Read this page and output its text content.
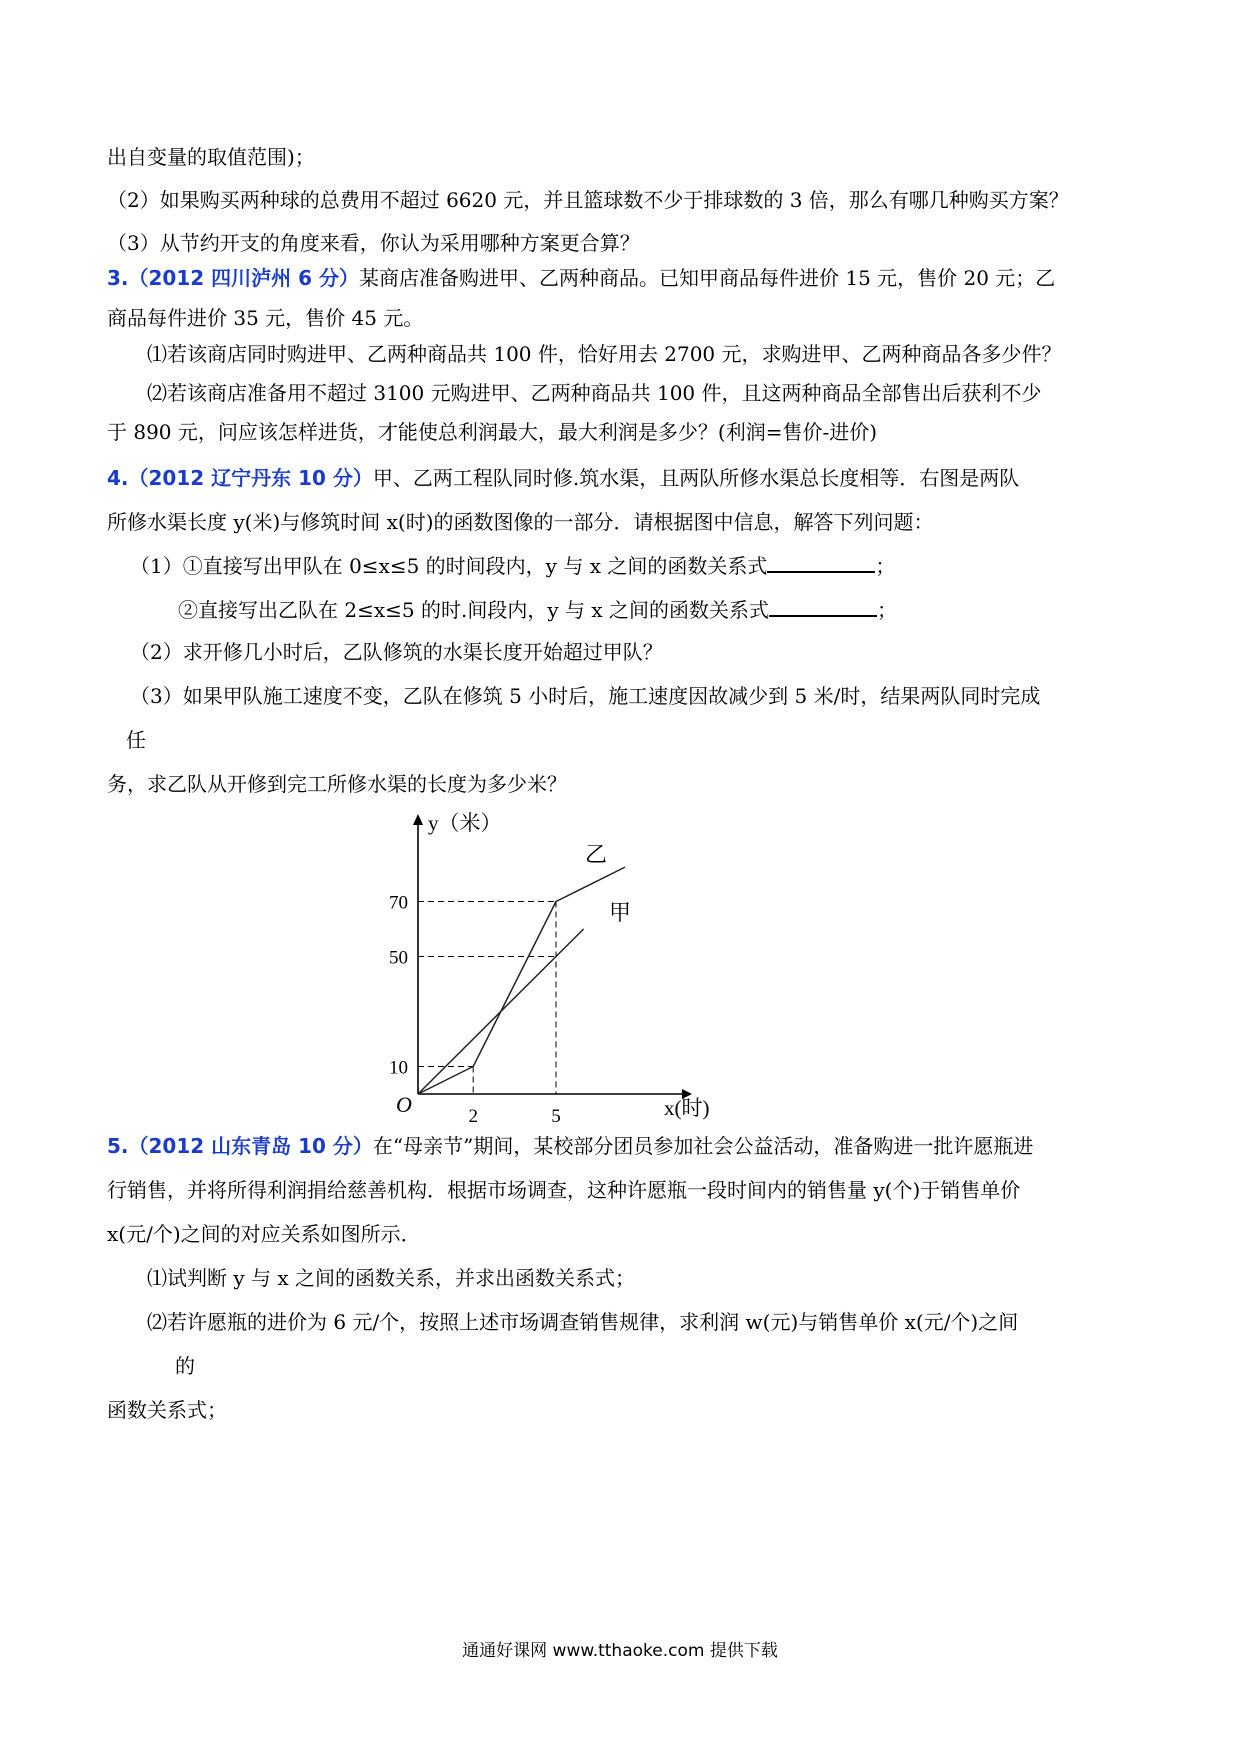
出自变量的取值范围)；
（2）如果购买两种球的总费用不超过 6620 元，并且篮球数不少于排球数的 3 倍，那么有哪几种购买方案？
（3）从节约开支的角度来看，你认为采用哪种方案更合算？
3.（2012 四川泸州 6 分）某商店准备购进甲、乙两种商品。已知甲商品每件进价 15 元，售价 20 元；乙
商品每件进价 35 元，售价 45 元。
⑴若该商店同时购进甲、乙两种商品共 100 件，恰好用去 2700 元，求购进甲、乙两种商品各多少件？
⑵若该商店准备用不超过 3100 元购进甲、乙两种商品共 100 件，且这两种商品全部售出后获利不少
于 890 元，问应该怎样进货，才能使总利润最大，最大利润是多少？(利润=售价-进价)
4.（2012 辽宁丹东 10 分）甲、乙两工程队同时修.筑水渠，且两队所修水渠总长度相等．右图是两队
所修水渠长度 y(米)与修筑时间 x(时)的函数图像的一部分．请根据图中信息，解答下列问题：
（1）①直接写出甲队在 0≤x≤5 的时间段内，y 与 x 之间的函数关系式	；
②直接写出乙队在 2≤x≤5 的时.间段内，y 与 x 之间的函数关系式	；
（2）求开修几小时后，乙队修筑的水渠长度开始超过甲队？
（3）如果甲队施工速度不变，乙队在修筑 5 小时后，施工速度因故减少到 5 米/时，结果两队同时完成
任
务，求乙队从开修到完工所修水渠的长度为多少米？
甲
乙
10
50
70
2	5
O
y（米）
x(时)
5.（2012 山东青岛 10 分）在“母亲节”期间，某校部分团员参加社会公益活动，准备购进一批许愿瓶进
行销售，并将所得利润捐给慈善机构．根据市场调查，这种许愿瓶一段时间内的销售量 y(个)于销售单价
x(元/个)之间的对应关系如图所示．
⑴试判断 y 与 x 之间的函数关系，并求出函数关系式；
⑵若许愿瓶的进价为 6 元/个，按照上述市场调查销售规律，求利润 w(元)与销售单价 x(元/个)之间
的
函数关系式；
通通好课网 www.tthaoke.com 提供下载
